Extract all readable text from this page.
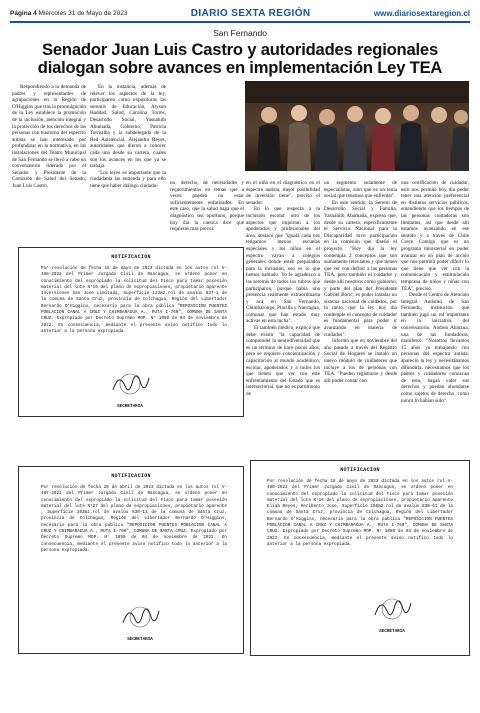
Página 4 Miércoles 31 de Mayo de 2023	DIARIO SEXTA REGIÓN	www.diariosextaregion.cl
San Fernando
Senador Juan Luis Castro y autoridades regionales dialogan sobre avances en implementación Ley TEA

Respondiendo a la demanda de padres y representantes de agrupaciones en la Región de O'Higgins que tras la promulgación de la Ley establece la promoción de la inclusión, atención integral y la protección de los derechos de las personas con trastorno del espectro autista se han interesado por profundizar en la normativa, en las instalaciones del Teatro Municipal de San Fernando se llevó a cabo un conversatorio liderado por el Senador y Presidente de la Comisión de Salud del Senado, Juan Luis Castro.

En la instancia, además de relevar los aspectos de la ley, participaron como expositoras las seremis de Educación, Alyson Haddad, Salud, Carolina Torres, Desarrollo Social, Yasnahith Ahumada, Gobierno, Patricia Torrealba y la subdelegada de la Red Asistencial, Alejandra Reyes, autoridades que dieron a conocer cada una desde su cartera, cuales son los avances en los que ya se trabaja.

"Los leyes es importante que la ciudadanía las entienda y para ello tiene que haber diálogo ciudada-	no, derecho, de necesidades y requerimientos en temas que a veces pueden no estar suficientemente enfatizados. En este caso, que la salud haga que el diagnóstico sea oportuno, porque hoy día la cuenca dice que requieras más precoz

en el niño en el diagnóstico en el espectro autista, mejor posibilidad de inversión tiene", precisó el senador.

En lo que respecta a la inclusión escolar, otro de los aspectos que importan a los apoderados y profesionales del área, destacó que "igualá cada vez tengamos menos escuelas especiales y los niños en el espectro vayan a colegios generales donde estén preparados para la inclusión, eso es lo que hemos hablado. Yo le agradezco a las seremis de todos los rubros que participaron, porque había una presencia realmente extraordinaria y acá en San Fernando, Chimbarongo, Placilla y Nancagua, comunas que han estado muy activas en esta lucha".

El también médico, explicó que debe existir "la capacidad de comprender la neurodiversidad que es un término de hace pocos años, pero se requiere concientización y capacitación al mundo académico, escolar, apoderados y a todos los que tienen que ver con este enfrentamiento del Estado que es intersectorial, que no es patrimonio de

un segmento solamente de especialistas, sino que es un tema social que tenemos que enfrentar".

En este sentido, la Seremi de Desarrollo Social y Familia, Yasnahith Ahumada, expresó que, desde su cartera, específicamente el Servicio Nacional para la Discapacidad tuvo participación en la comisión que diseñó el proyecto. "Hoy día la ley contempla 2 conceptos que son sumamente relevantes y que tienen que ver con definir a las personas TEA, pero también el cuidador y desde allí nosotros como gobierno, y parte del plan del Presidente Gabriel Boric, es poder instalar un sistema nacional de cuidados, por lo tanto, que la ley hoy día contemple el concepto de cuidador es fundamental para poder ir avanzando en materia de cuidados".

Informó que en noviembre del año pasado a través del Registro Social de Hogares se instaló un nuevo módulo de cuidadores que incluye a los de personas con TEA. "Pueden registrarse y desde allí poder contar con

una certificación de cuidador, esto nos permite hoy día poder tener una atención preferencial en distintos servicios públicos, entendiendo que los tiempos de las personas cuidadoras son limitados, así que desde allí estamos avanzando en ese sentido y a través de Chile Crece Contigo que es un programa ministerial en poder avanzar en un plan de acción que nos permita poder diferir lo que tiene que ver con la comunicación y estimulación temprana de niños y niñas con TEA", precisó.

Desde el Centro de Atención Integral Autismo de San Fernando, institución que también jugó un rol importante en la iniciativa del conversatorio, Andrea Abarzua, una de las fundadoras, manifestó: "Nosotros llevamos 15 años ya trabajando con personas del espectro autista, apareció la ley y necesitábamos difundirla, necesitamos que los padres y cuidadores conozcan de esto, hagan valer sus derechos y puedan ahondarse como sujetos de derecho, como nunca lo habían sido".

NOTIFICACION
Por resolución de fecha 18 de mayo de 2023 dictada en los autos rol V-488-2022 del Primer Juzgado Civil de Rancagua, se ordenó poner en conocimiento del expropiado la solicitud del Fisco para tomar posesión material del lote N°19 del plano de expropiaciones, propietario aparente Inversiones San Jose Limitada, Superficie 113m2.rol de avalúo 837-1 de la comuna de Santa Cruz, provincia de Colchagua, Región del Libertador Bernardo O'Higgins, necesario para la obra pública "REPOSICION PUENTES POBLACION CANAL A CRUZ Y CHIMBARAGUA A., RUTA I-760", COMUNA DE SANTA CRUZ. Expropiado por Decreto Supremo MOP. N° 1050 de 04 de noviembre de 2022. En consecuencia, mediante el presente aviso notifico todo lo anterior a la persona expropiada.
SECRETARIA
NOTIFICACION
Por resolución de fecha 28 de abril de 2023 dictada en los autos rol V-487-2022 del Primer Juzgado Civil de Rancagua, se ordenó poner en conocimiento del expropiado la solicitud del Fisco para tomar posesión material del lote N°27 del plano de expropiaciones, propietario aparente , Superficie 203m2.rol de avalúo 530-13 de la comuna de Santa Cruz, provincia de Colchagua, Región del Libertador Bernardo O'Higgins, necesario para la obra pública "REPOSICION PUENTES POBLACION CANAL A CRUZ Y CHIMBARAGUA A., RUTA I-760", COMUNA DE SANTA CRUZ. Expropiado por Decreto Supremo MOP. N° 1050 de 04 de noviembre de 2022. En consecuencia, mediante el presente aviso notifico todo lo anterior a la persona expropiada.
SECRETARIA
NOTIFICACION
Por resolución de fecha 18 de mayo de 2023 dictada en los autos rol V-486-2022 del Primer Juzgado Civil de Rancagua, se ordenó poner en conocimiento del expropiado la solicitud del Fisco para tomar posesión material del lote N°16 del plano de expropiaciones, propietario aparente Eliab Reyes, Heriberto Jose, Superficie 150m2.rol de avalúo 830-61 de la comuna de Santa Cruz, provincia de Colchagua, Región del Libertador Bernardo O'Higgins, necesario para la obra pública "REPOSICION PUENTES POBLACION CANAL A CRUZ Y CHIMBARAGUA A., RUTA I-760", COMUNA DE SANTA CRUZ. Expropiado por Decreto Supremo MOP. N° 1050 de 04 de noviembre de 2022. En consecuencia, mediante el presente aviso notifico todo lo anterior a la persona expropiada.
SECRETARIA
